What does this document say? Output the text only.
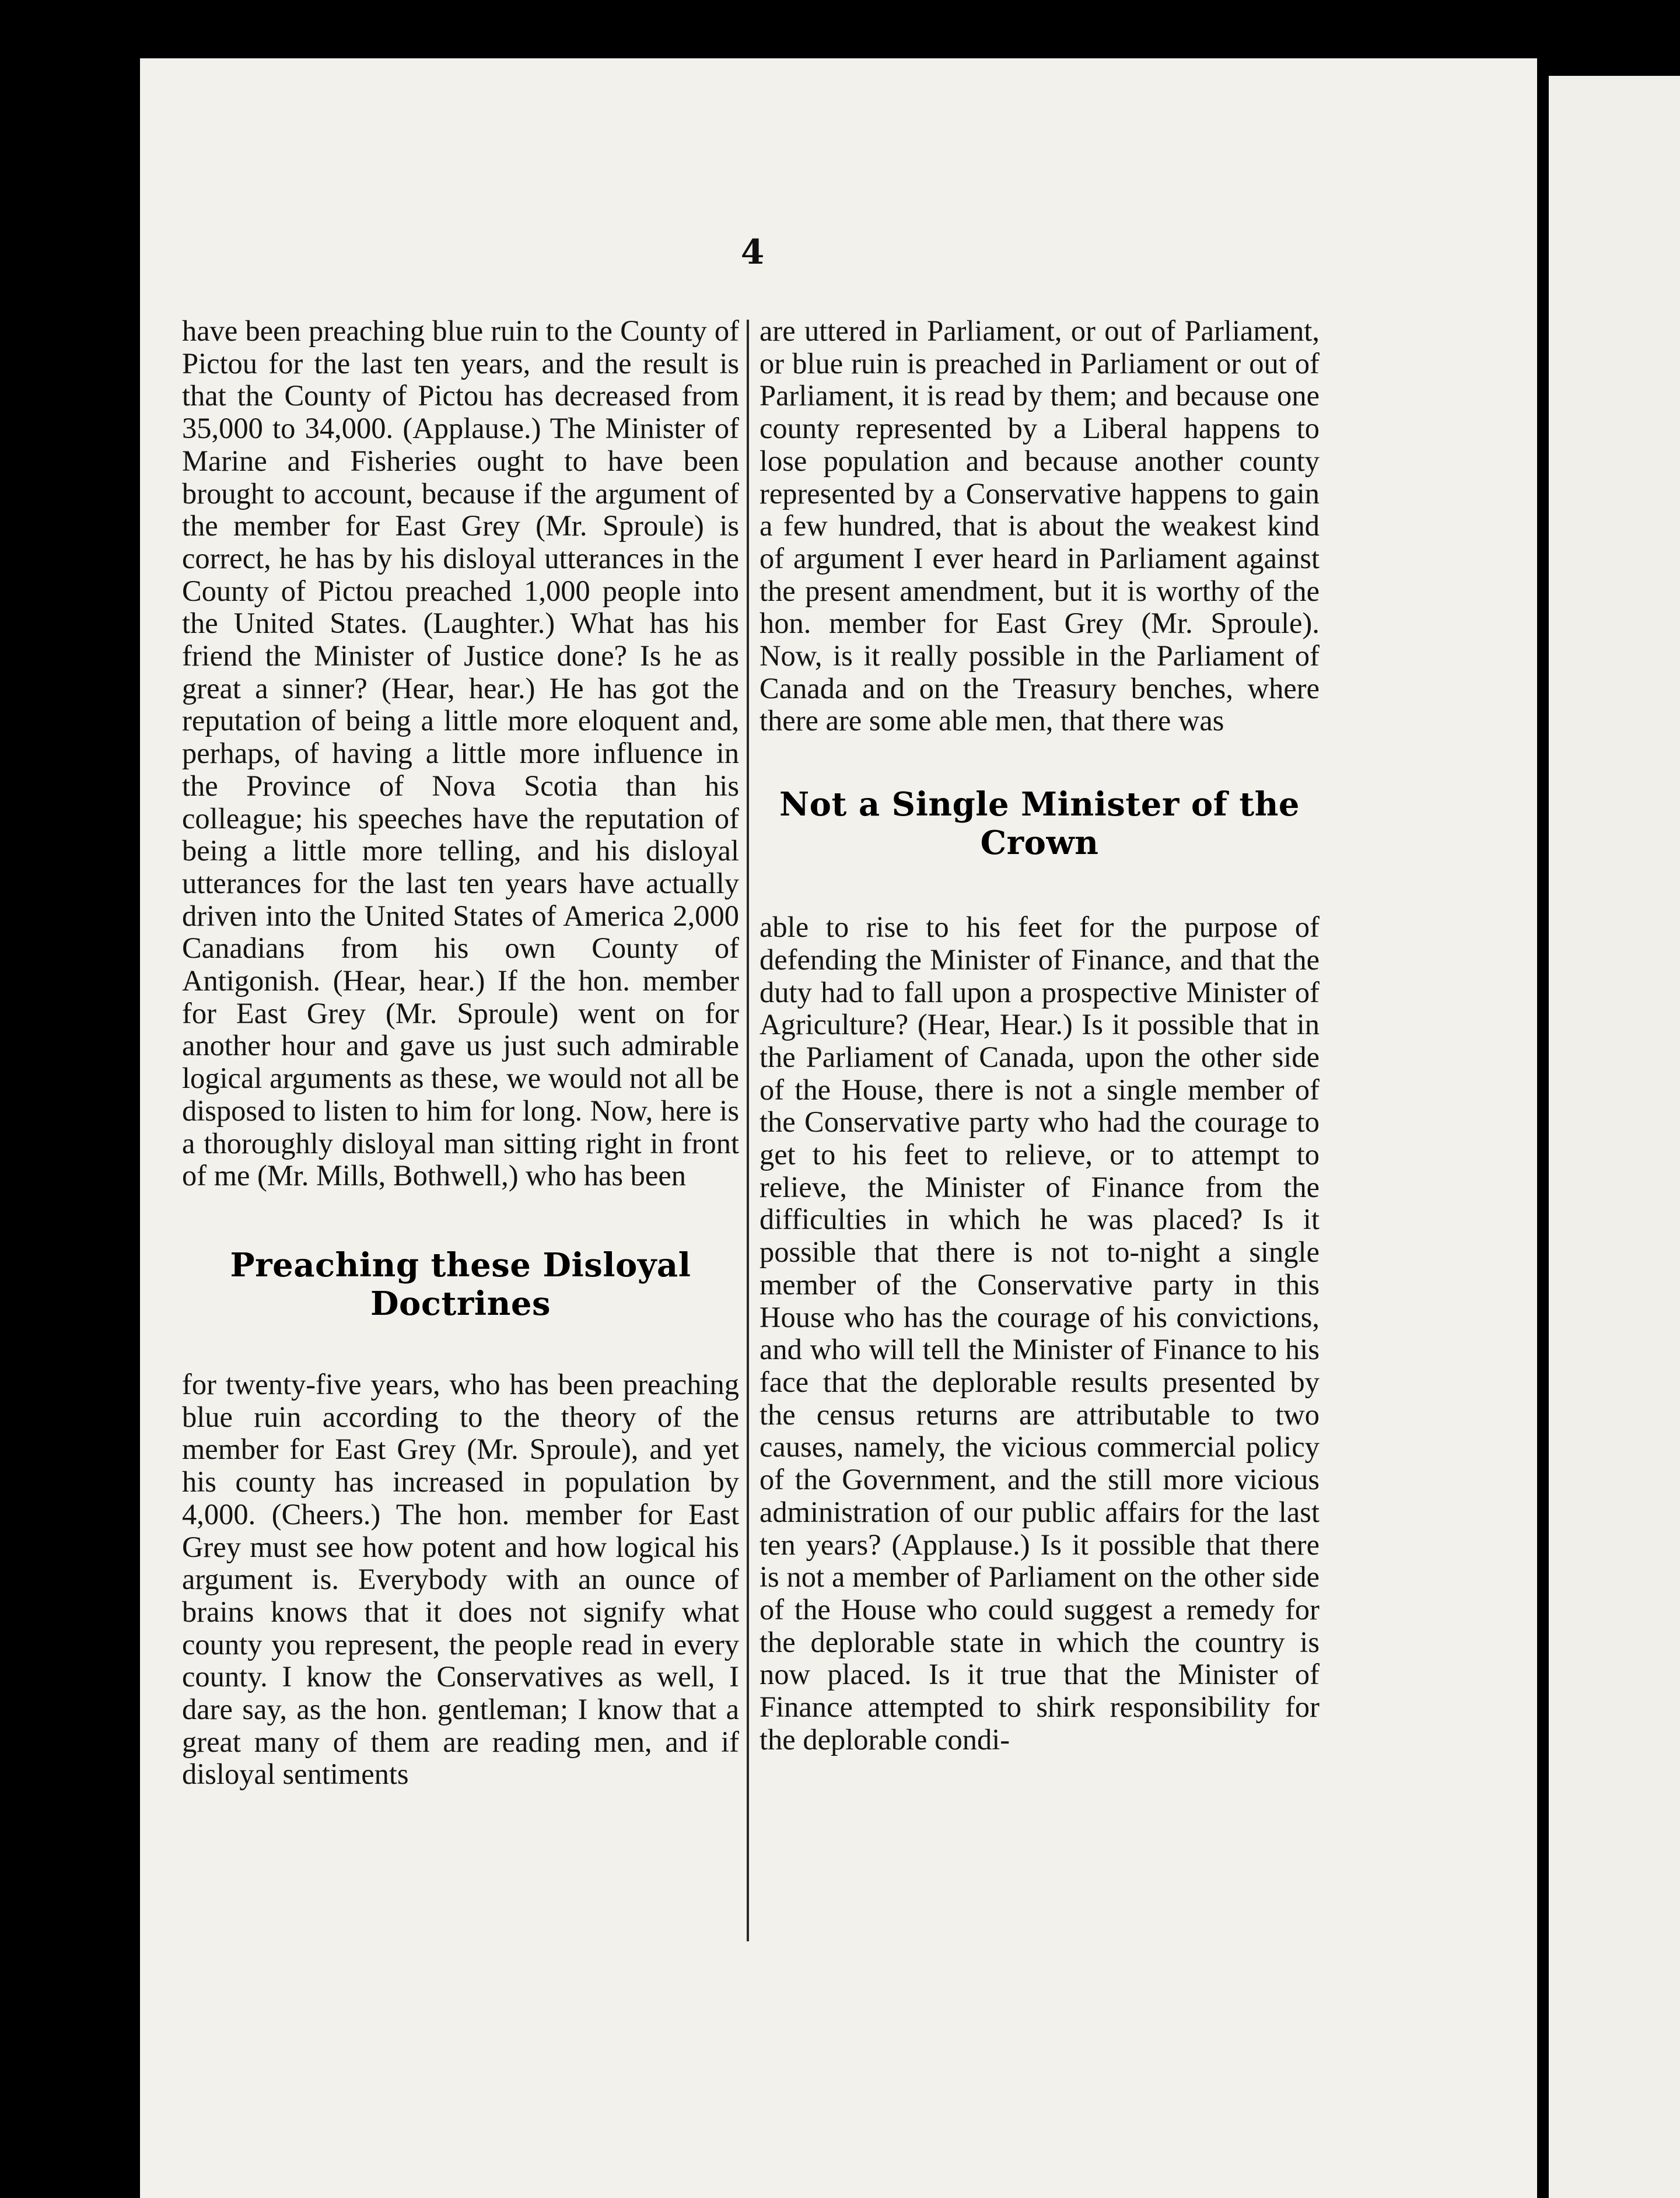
4

have been preaching blue ruin to the County of Pictou for the last ten years, and the result is that the County of Pictou has decreased from 35,000 to 34,000. (Applause.) The Minister of Marine and Fisheries ought to have been brought to account, because if the argument of the member for East Grey (Mr. Sproule) is correct, he has by his disloyal utterances in the County of Pictou preached 1,000 people into the United States. (Laughter.) What has his friend the Minister of Justice done? Is he as great a sinner? (Hear, hear.) He has got the reputation of being a little more eloquent and, perhaps, of having a little more influence in the Province of Nova Scotia than his colleague; his speeches have the reputation of being a little more telling, and his disloyal utterances for the last ten years have actually driven into the United States of America 2,000 Canadians from his own County of Antigonish. (Hear, hear.) If the hon. member for East Grey (Mr. Sproule) went on for another hour and gave us just such admirable logical arguments as these, we would not all be disposed to listen to him for long. Now, here is a thoroughly disloyal man sitting right in front of me (Mr. Mills, Bothwell,) who has been

Preaching these Disloyal Doctrines

for twenty-five years, who has been preaching blue ruin according to the theory of the member for East Grey (Mr. Sproule), and yet his county has increased in population by 4,000. (Cheers.) The hon. member for East Grey must see how potent and how logical his argument is. Everybody with an ounce of brains knows that it does not signify what county you represent, the people read in every county. I know the Conservatives as well, I dare say, as the hon. gentleman; I know that a great many of them are reading men, and if disloyal sentiments

are uttered in Parliament, or out of Parliament, or blue ruin is preached in Parliament or out of Parliament, it is read by them; and because one county represented by a Liberal happens to lose population and because another county represented by a Conservative happens to gain a few hundred, that is about the weakest kind of argument I ever heard in Parliament against the present amendment, but it is worthy of the hon. member for East Grey (Mr. Sproule). Now, is it really possible in the Parliament of Canada and on the Treasury benches, where there are some able men, that there was

Not a Single Minister of the Crown

able to rise to his feet for the purpose of defending the Minister of Finance, and that the duty had to fall upon a prospective Minister of Agriculture? (Hear, Hear.) Is it possible that in the Parliament of Canada, upon the other side of the House, there is not a single member of the Conservative party who had the courage to get to his feet to relieve, or to attempt to relieve, the Minister of Finance from the difficulties in which he was placed? Is it possible that there is not to-night a single member of the Conservative party in this House who has the courage of his convictions, and who will tell the Minister of Finance to his face that the deplorable results presented by the census returns are attributable to two causes, namely, the vicious commercial policy of the Government, and the still more vicious administration of our public affairs for the last ten years? (Applause.) Is it possible that there is not a member of Parliament on the other side of the House who could suggest a remedy for the deplorable state in which the country is now placed. Is it true that the Minister of Finance attempted to shirk responsibility for the deplorable condi-
